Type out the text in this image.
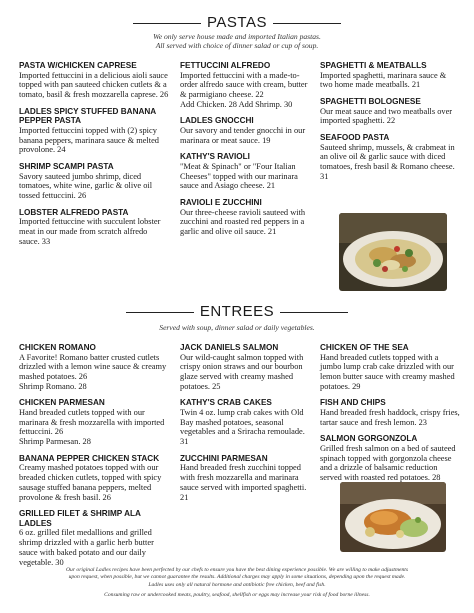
PASTAS
We only serve house made and imported Italian pastas.
All served with choice of dinner salad or cup of soup.
PASTA W/CHICKEN CAPRESE
Imported fettuccini in a delicious aioli sauce topped with pan sauteed chicken cutlets & a tomato, basil & fresh mozzarella caprese. 26
LADLES SPICY STUFFED BANANA PEPPER PASTA
Imported fettuccini topped with (2) spicy banana peppers, marinara sauce & melted provolone. 24
SHRIMP SCAMPI PASTA
Savory sauteed jumbo shrimp, diced tomatoes, white wine, garlic & olive oil tossed fettuccini. 26
LOBSTER ALFREDO PASTA
Imported fettuccine with succulent lobster meat in our made from scratch alfredo sauce. 33
FETTUCCINI ALFREDO
Imported fettuccini with a made-to-order alfredo sauce with cream, butter & parmigiano cheese. 22
Add Chicken. 28 Add Shrimp. 30
LADLES GNOCCHI
Our savory and tender gnocchi in our marinara or meat sauce. 19
KATHY'S RAVIOLI
"Meat & Spinach" or "Four Italian Cheeses" topped with our marinara sauce and Asiago cheese. 21
RAVIOLI E ZUCCHINI
Our three-cheese ravioli sauteed with zucchini and roasted red peppers in a garlic and olive oil sauce. 21
SPAGHETTI & MEATBALLS
Imported spaghetti, marinara sauce & two home made meatballs. 21
SPAGHETTI BOLOGNESE
Our meat sauce and two meatballs over imported spaghetti. 22
SEAFOOD PASTA
Sauteed shrimp, mussels, & crabmeat in an olive oil & garlic sauce with diced tomatoes, fresh basil & Romano cheese. 31
ENTREES
Served with soup, dinner salad or daily vegetables.
CHICKEN ROMANO
A Favorite! Romano batter crusted cutlets drizzled with a lemon wine sauce & creamy mashed potatoes. 26
Shrimp Romano. 28
CHICKEN PARMESAN
Hand breaded cutlets topped with our marinara & fresh mozzarella with imported fettuccini. 26
Shrimp Parmesan. 28
BANANA PEPPER CHICKEN STACK
Creamy mashed potatoes topped with our breaded chicken cutlets, topped with spicy sausage stuffed banana peppers, melted provolone & fresh basil. 26
GRILLED FILET & SHRIMP ALA LADLES
6 oz. grilled filet medallions and grilled shrimp drizzled with a garlic herb butter sauce with baked potato and our daily vegetable. 30
JACK DANIELS SALMON
Our wild-caught salmon topped with crispy onion straws and our bourbon glaze served with creamy mashed potatoes. 25
KATHY'S CRAB CAKES
Twin 4 oz. lump crab cakes with Old Bay mashed potatoes, seasonal vegetables and a Sriracha remoulade. 31
ZUCCHINI PARMESAN
Hand breaded fresh zucchini topped with fresh mozzarella and marinara sauce served with imported spaghetti. 21
CHICKEN OF THE SEA
Hand breaded cutlets topped with a jumbo lump crab cake drizzled with our lemon butter sauce with creamy mashed potatoes. 29
FISH AND CHIPS
Hand breaded fresh haddock, crispy fries, tartar sauce and fresh lemon. 23
SALMON GORGONZOLA
Grilled fresh salmon on a bed of sauteed spinach topped with gorgonzola cheese and a drizzle of balsamic reduction served with roasted red potatoes. 28
Our original Ladles recipes have been perfected by our chefs to ensure you have the best dining experience possible. We are willing to make adjustments
upon request, when possible, but we cannot guarantee the results. Additional charges may apply in some situations, depending upon the request made.
Ladles uses only all natural hormone and antibiotic free chicken, beef and fish.
Consuming raw or undercooked meats, poultry, seafood, shellfish or eggs may increase your risk of food borne illness.
